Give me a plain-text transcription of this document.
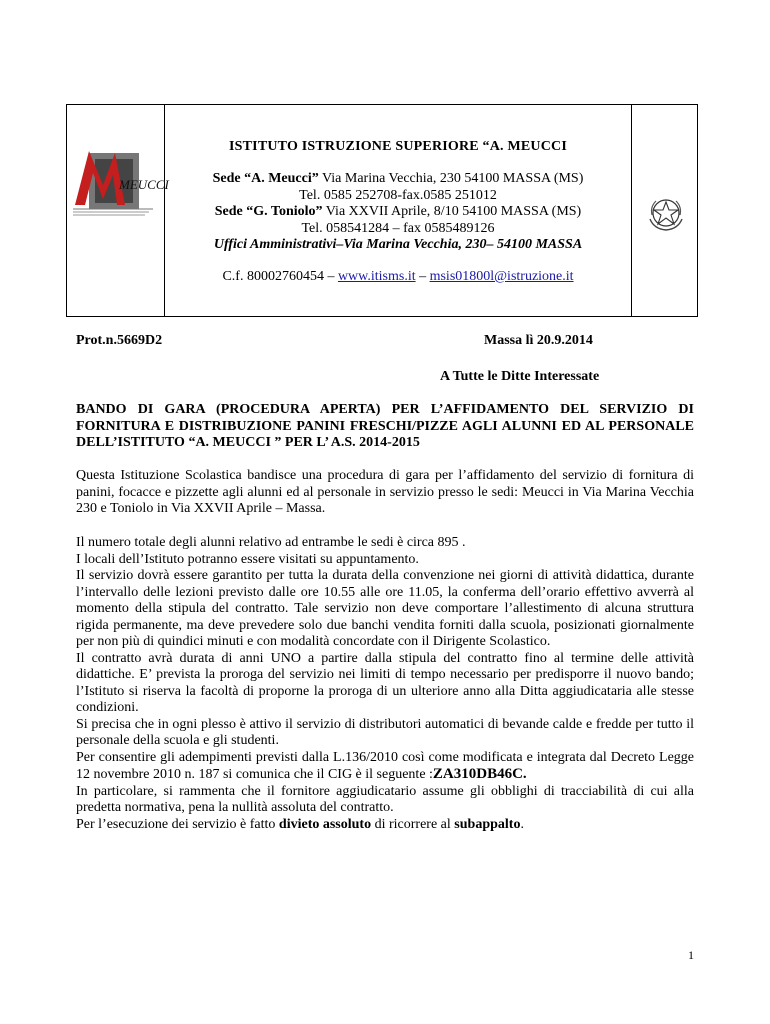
MEUCCI
ISTITUTO ISTRUZIONE SUPERIORE “A. MEUCCI
Sede “A. Meucci” Via Marina Vecchia, 230 54100 MASSA (MS)
Tel. 0585 252708-fax.0585 251012
Sede “G. Toniolo” Via XXVII Aprile, 8/10 54100 MASSA (MS)
Tel. 058541284 – fax 0585489126
Uffici Amministrativi–Via Marina Vecchia, 230– 54100 MASSA
C.f. 80002760454 – www.itisms.it – msis01800l@istruzione.it
Prot.n.5669D2	Massa lì 20.9.2014
A Tutte le Ditte Interessate
BANDO DI GARA (PROCEDURA APERTA) PER L’AFFIDAMENTO DEL SERVIZIO DI FORNITURA E DISTRIBUZIONE PANINI FRESCHI/PIZZE AGLI ALUNNI ED AL PERSONALE DELL’ISTITUTO “A. MEUCCI ” PER L’ A.S. 2014-2015
Questa Istituzione Scolastica bandisce una procedura di gara per l’affidamento del servizio di fornitura di panini, focacce e pizzette agli alunni ed al personale in servizio presso le sedi: Meucci in Via Marina Vecchia 230 e Toniolo in Via XXVII Aprile – Massa.
Il numero totale degli alunni relativo ad entrambe le sedi è circa 895 .
I locali dell’Istituto potranno essere visitati su appuntamento.
Il servizio dovrà essere garantito per tutta la durata della convenzione nei giorni di attività didattica, durante l’intervallo delle lezioni previsto dalle ore 10.55 alle ore 11.05, la conferma dell’orario effettivo avverrà al momento della stipula del contratto. Tale servizio non deve comportare l’allestimento di alcuna struttura rigida permanente, ma deve prevedere solo due banchi vendita forniti dalla scuola, posizionati giornalmente per non più di quindici minuti e con modalità concordate con il Dirigente Scolastico.
Il contratto avrà durata di anni UNO a partire dalla stipula del contratto fino al termine delle attività didattiche. E’ prevista la proroga del servizio nei limiti di tempo necessario per predisporre il nuovo bando; l’Istituto si riserva la facoltà di proporne la proroga di un ulteriore anno alla Ditta aggiudicataria alle stesse condizioni.
Si precisa che in ogni plesso è attivo il servizio di distributori automatici di bevande calde e fredde per tutto il personale della scuola e gli studenti.
Per consentire gli adempimenti previsti dalla L.136/2010 così come modificata e integrata dal Decreto Legge 12 novembre 2010 n. 187 si comunica che il CIG è il seguente :ZA310DB46C.
In particolare, si rammenta che il fornitore aggiudicatario assume gli obblighi di tracciabilità di cui alla predetta normativa, pena la nullità assoluta del contratto.
Per l’esecuzione dei servizio è fatto divieto assoluto di ricorrere al subappalto.
1
